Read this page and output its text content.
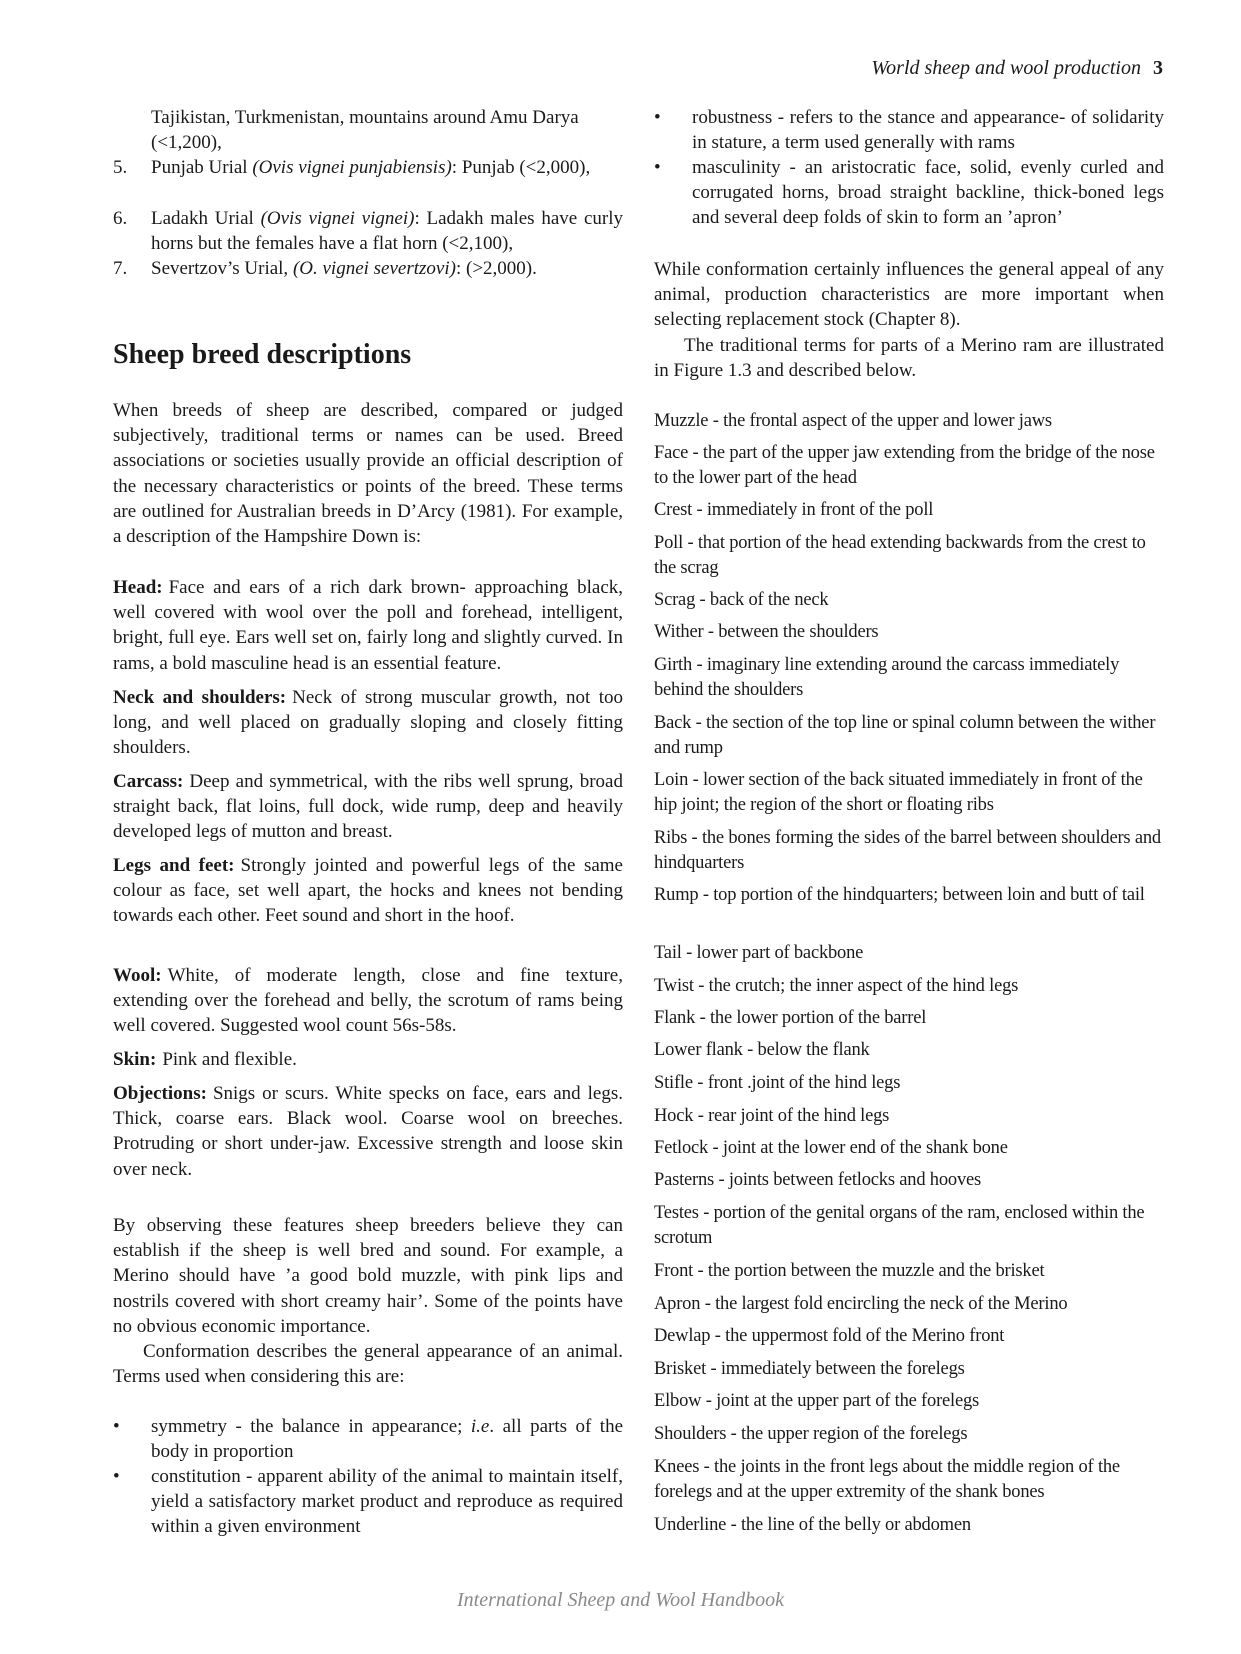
World sheep and wool production 3
Tajikistan, Turkmenistan, mountains around Amu Darya
(<1,200),
5. Punjab Urial (Ovis vignei punjabiensis): Punjab (<2,000),
6. Ladakh Urial (Ovis vignei vignei): Ladakh males have curly horns but the females have a flat horn (<2,100),
7. Severtzov’s Urial, (O. vignei severtzovi): (>2,000).
Sheep breed descriptions

When breeds of sheep are described, compared or judged subjectively, traditional terms or names can be used. Breed associations or societies usually provide an official description of the necessary characteristics or points of the breed. These terms are outlined for Australian breeds in D’Arcy (1981). For example, a description of the Hampshire Down is:

Head: Face and ears of a rich dark brown- approaching black, well covered with wool over the poll and forehead, intelligent, bright, full eye. Ears well set on, fairly long and slightly curved. In rams, a bold masculine head is an essential feature.

Neck and shoulders: Neck of strong muscular growth, not too long, and well placed on gradually sloping and closely fitting shoulders.

Carcass: Deep and symmetrical, with the ribs well sprung, broad straight back, flat loins, full dock, wide rump, deep and heavily developed legs of mutton and breast.

Legs and feet: Strongly jointed and powerful legs of the same colour as face, set well apart, the hocks and knees not bending towards each other. Feet sound and short in the hoof.

Wool: White, of moderate length, close and fine texture, extending over the forehead and belly, the scrotum of rams being well covered. Suggested wool count 56s-58s.

Skin: Pink and flexible.

Objections: Snigs or scurs. White specks on face, ears and legs. Thick, coarse ears. Black wool. Coarse wool on breeches. Protruding or short under-jaw. Excessive strength and loose skin over neck.

By observing these features sheep breeders believe they can establish if the sheep is well bred and sound. For example, a Merino should have ’a good bold muzzle, with pink lips and nostrils covered with short creamy hair’. Some of the points have no obvious economic importance.

Conformation describes the general appearance of an animal. Terms used when considering this are:

• symmetry - the balance in appearance; i.e. all parts of the body in proportion
• constitution - apparent ability of the animal to maintain itself, yield a satisfactory market product and reproduce as required within a given environment
• robustness - refers to the stance and appearance- of solidarity in stature, a term used generally with rams
• masculinity - an aristocratic face, solid, evenly curled and corrugated horns, broad straight backline, thick-boned legs and several deep folds of skin to form an ’apron’

While conformation certainly influences the general appeal of any animal, production characteristics are more important when selecting replacement stock (Chapter 8).

The traditional terms for parts of a Merino ram are illustrated in Figure 1.3 and described below.

Muzzle - the frontal aspect of the upper and lower jaws
Face - the part of the upper jaw extending from the bridge of the nose to the lower part of the head
Crest - immediately in front of the poll
Poll - that portion of the head extending backwards from the crest to the scrag
Scrag - back of the neck
Wither - between the shoulders
Girth - imaginary line extending around the carcass immediately behind the shoulders
Back - the section of the top line or spinal column between the wither and rump
Loin - lower section of the back situated immediately in front of the hip joint; the region of the short or floating ribs
Ribs - the bones forming the sides of the barrel between shoulders and hindquarters
Rump - top portion of the hindquarters; between loin and butt of tail
Tail - lower part of backbone
Twist - the crutch; the inner aspect of the hind legs
Flank - the lower portion of the barrel
Lower flank - below the flank
Stifle - front .joint of the hind legs
Hock - rear joint of the hind legs
Fetlock - joint at the lower end of the shank bone
Pasterns - joints between fetlocks and hooves
Testes - portion of the genital organs of the ram, enclosed within the scrotum
Front - the portion between the muzzle and the brisket
Apron - the largest fold encircling the neck of the Merino
Dewlap - the uppermost fold of the Merino front
Brisket - immediately between the forelegs
Elbow - joint at the upper part of the forelegs
Shoulders - the upper region of the forelegs
Knees - the joints in the front legs about the middle region of the forelegs and at the upper extremity of the shank bones
Underline - the line of the belly or abdomen
International Sheep and Wool Handbook
